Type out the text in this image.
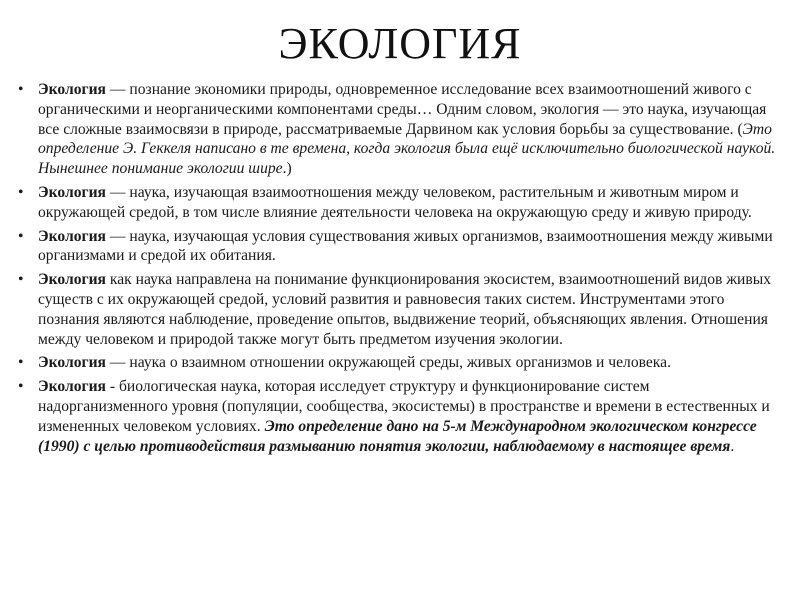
ЭКОЛОГИЯ
• Экология — познание экономики природы, одновременное исследование всех взаимоотношений живого с органическими и неорганическими компонентами среды… Одним словом, экология — это наука, изучающая все сложные взаимосвязи в природе, рассматриваемые Дарвином как условия борьбы за существование. (Это определение Э. Геккеля написано в те времена, когда экология была ещё исключительно биологической наукой. Нынешнее понимание экологии шире.)
• Экология — наука, изучающая взаимоотношения между человеком, растительным и животным миром и окружающей средой, в том числе влияние деятельности человека на окружающую среду и живую природу.
• Экология — наука, изучающая условия существования живых организмов, взаимоотношения между живыми организмами и средой их обитания.
• Экология как наука направлена на понимание функционирования экосистем, взаимоотношений видов живых существ с их окружающей средой, условий развития и равновесия таких систем. Инструментами этого познания являются наблюдение, проведение опытов, выдвижение теорий, объясняющих явления. Отношения между человеком и природой также могут быть предметом изучения экологии.
• Экология — наука о взаимном отношении окружающей среды, живых организмов и человека.
• Экология - биологическая наука, которая исследует структуру и функционирование систем надорганизменного уровня (популяции, сообщества, экосистемы) в пространстве и времени в естественных и измененных человеком условиях. Это определение дано на 5-м Международном экологическом конгрессе (1990) с целью противодействия размыванию понятия экологии, наблюдаемому в настоящее время.
